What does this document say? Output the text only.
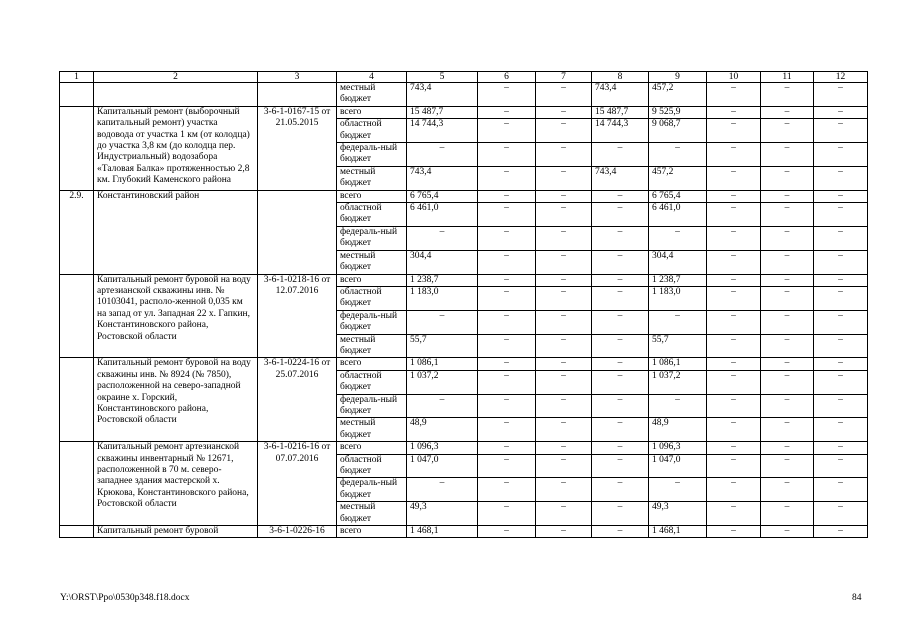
1	2	3	4	5	6	7	8	9	10	11	12
			местный бюджет	743,4	–	–	743,4	457,2	–	–	–
	Капитальный ремонт (выборочный капитальный ремонт) участка водовода от участка 1 км (от колодца) до участка 3,8 км (до колодца пер. Индустриальный) водозабора «Таловая Балка» протяженностью 2,8 км. Глубокий Каменского района	3-6-1-0167-15 от 21.05.2015	всего	15 487,7	–	–	15 487,7	9 525,9	–	–	–
			областной бюджет	14 744,3	–	–	14 744,3	9 068,7	–	–	–
			федераль-ный бюджет	–	–	–	–	–	–	–	–
			местный бюджет	743,4	–	–	743,4	457,2	–	–	–
2.9.	Константиновский район		всего	6 765,4	–	–	–	6 765,4	–	–	–
			областной бюджет	6 461,0	–	–	–	6 461,0	–	–	–
			федераль-ный бюджет	–	–	–	–	–	–	–	–
			местный бюджет	304,4	–	–	–	304,4	–	–	–
	Капитальный ремонт буровой на воду артезианской скважины инв. № 10103041, располо-женной 0,035 км на запад от ул. Западная 22 х. Гапкин, Константиновского района, Ростовской области	3-6-1-0218-16 от 12.07.2016	всего	1 238,7	–	–	–	1 238,7	–	–	–
			областной бюджет	1 183,0	–	–	–	1 183,0	–	–	–
			федераль-ный бюджет	–	–	–	–	–	–	–	–
			местный бюджет	55,7	–	–	–	55,7	–	–	–
	Капитальный ремонт буровой на воду скважины инв. № 8924 (№ 7850), расположенной на северо-западной окраине х. Горский, Константиновского района, Ростовской области	3-6-1-0224-16 от 25.07.2016	всего	1 086,1	–	–	–	1 086,1	–	–	–
			областной бюджет	1 037,2	–	–	–	1 037,2	–	–	–
			федераль-ный бюджет	–	–	–	–	–	–	–	–
			местный бюджет	48,9	–	–	–	48,9	–	–	–
	Капитальный ремонт артезианской скважины инвентарный № 12671, расположенной в 70 м. северо-западнее здания мастерской х. Крюкова, Константиновского района, Ростовской области	3-6-1-0216-16 от 07.07.2016	всего	1 096,3	–	–	–	1 096,3	–	–	–
			областной бюджет	1 047,0	–	–	–	1 047,0	–	–	–
			федераль-ный бюджет	–	–	–	–	–	–	–	–
			местный бюджет	49,3	–	–	–	49,3	–	–	–
	Капитальный ремонт буровой	3-6-1-0226-16	всего	1 468,1	–	–	–	1 468,1	–	–	–
Y:\ORST\Ppo\0530p348.f18.docx	84
